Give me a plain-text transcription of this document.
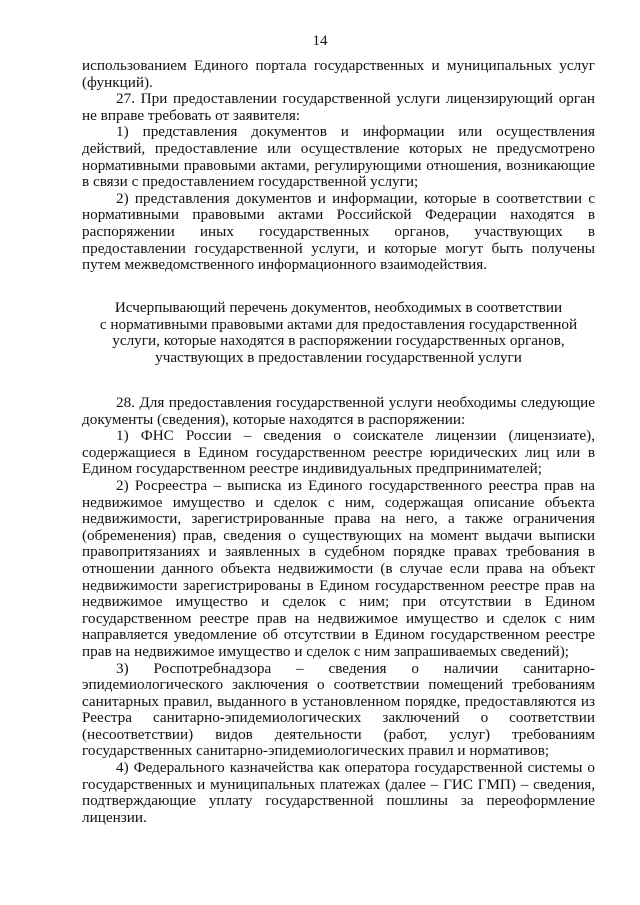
14

использованием Единого портала государственных и муниципальных услуг (функций).

27. При предоставлении государственной услуги лицензирующий орган не вправе требовать от заявителя:

1) представления документов и информации или осуществления действий, предоставление или осуществление которых не предусмотрено нормативными правовыми актами, регулирующими отношения, возникающие в связи с предоставлением государственной услуги;

2) представления документов и информации, которые в соответствии с нормативными правовыми актами Российской Федерации находятся в распоряжении иных государственных органов, участвующих в предоставлении государственной услуги, и которые могут быть получены путем межведомственного информационного взаимодействия.

Исчерпывающий перечень документов, необходимых в соответствии
с нормативными правовыми актами для предоставления государственной
услуги, которые находятся в распоряжении государственных органов,
участвующих в предоставлении государственной услуги

28. Для предоставления государственной услуги необходимы следующие документы (сведения), которые находятся в распоряжении:

1) ФНС России – сведения о соискателе лицензии (лицензиате), содержащиеся в Едином государственном реестре юридических лиц или в Едином государственном реестре индивидуальных предпринимателей;

2) Росреестра – выписка из Единого государственного реестра прав на недвижимое имущество и сделок с ним, содержащая описание объекта недвижимости, зарегистрированные права на него, а также ограничения (обременения) прав, сведения о существующих на момент выдачи выписки правопритязаниях и заявленных в судебном порядке правах требования в отношении данного объекта недвижимости (в случае если права на объект недвижимости зарегистрированы в Едином государственном реестре прав на недвижимое имущество и сделок с ним; при отсутствии в Едином государственном реестре прав на недвижимое имущество и сделок с ним направляется уведомление об отсутствии в Едином государственном реестре прав на недвижимое имущество и сделок с ним запрашиваемых сведений);

3) Роспотребнадзора – сведения о наличии санитарно-эпидемиологического заключения о соответствии помещений требованиям санитарных правил, выданного в установленном порядке, предоставляются из Реестра санитарно-эпидемиологических заключений о соответствии (несоответствии) видов деятельности (работ, услуг) требованиям государственных санитарно-эпидемиологических правил и нормативов;

4) Федерального казначейства как оператора государственной системы о государственных и муниципальных платежах (далее – ГИС ГМП) – сведения, подтверждающие уплату государственной пошлины за переоформление лицензии.
